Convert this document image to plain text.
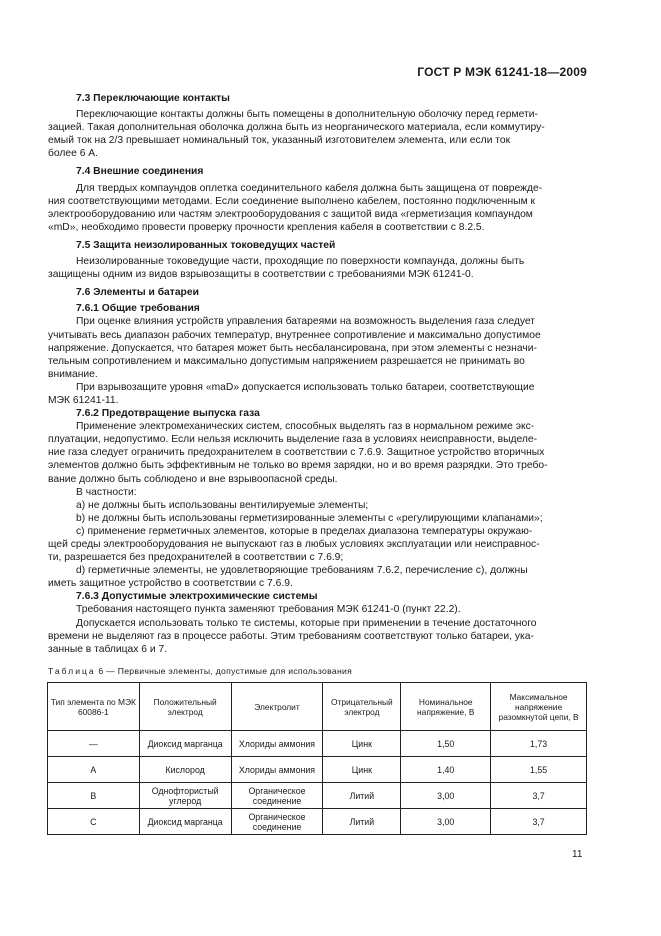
ГОСТ Р МЭК 61241-18—2009
7.3 Переключающие контакты
Переключающие контакты должны быть помещены в дополнительную оболочку перед гермети-
зацией. Такая дополнительная оболочка должна быть из неорганического материала, если коммутиру-
емый ток на 2/3 превышает номинальный ток, указанный изготовителем элемента, или если ток
более 6 А.
7.4 Внешние соединения
Для твердых компаундов оплетка соединительного кабеля должна быть защищена от поврежде-
ния соответствующими методами. Если соединение выполнено кабелем, постоянно подключенным к
электрооборудованию или частям электрооборудования с защитой вида «герметизация компаундом
«mD», необходимо провести проверку прочности крепления кабеля в соответствии с 8.2.5.
7.5 Защита неизолированных токоведущих частей
Неизолированные токоведущие части, проходящие по поверхности компаунда, должны быть
защищены одним из видов взрывозащиты в соответствии с требованиями МЭК 61241-0.
7.6 Элементы и батареи
7.6.1 Общие требования
При оценке влияния устройств управления батареями на возможность выделения газа следует
учитывать весь диапазон рабочих температур, внутреннее сопротивление и максимально допустимое
напряжение. Допускается, что батарея может быть несбалансирована, при этом элементы с незначи-
тельным сопротивлением и максимально допустимым напряжением разрешается не принимать во
внимание.
При взрывозащите уровня «maD» допускается использовать только батареи, соответствующие
МЭК 61241-11.
7.6.2 Предотвращение выпуска газа
Применение электромеханических систем, способных выделять газ в нормальном режиме экс-
плуатации, недопустимо. Если нельзя исключить выделение газа в условиях неисправности, выделе-
ние газа следует ограничить предохранителем в соответствии с 7.6.9. Защитное устройство вторичных
элементов должно быть эффективным не только во время зарядки, но и во время разрядки. Это требо-
вание должно быть соблюдено и вне взрывоопасной среды.
В частности:
a) не должны быть использованы вентилируемые элементы;
b) не должны быть использованы герметизированные элементы с «регулирующими клапанами»;
c) применение герметичных элементов, которые в пределах диапазона температуры окружаю-
щей среды электрооборудования не выпускают газ в любых условиях эксплуатации или неисправнос-
ти, разрешается без предохранителей в соответствии с 7.6.9;
d) герметичные элементы, не удовлетворяющие требованиям 7.6.2, перечисление c), должны
иметь защитное устройство в соответствии с 7.6.9.
7.6.3 Допустимые электрохимические системы
Требования настоящего пункта заменяют требования МЭК 61241-0 (пункт 22.2).
Допускается использовать только те системы, которые при применении в течение достаточного
времени не выделяют газ в процессе работы. Этим требованиям соответствуют только батареи, ука-
занные в таблицах 6 и 7.
Таблица 6 — Первичные элементы, допустимые для использования
Тип элемента по МЭК 60086-1	Положительный электрод	Электролит	Отрицательный электрод	Номинальное напряжение, В	Максимальное напряжение разомкнутой цепи, В
—	Диоксид марганца	Хлориды аммония	Цинк	1,50	1,73
A	Кислород	Хлориды аммония	Цинк	1,40	1,55
B	Однофтористый углерод	Органическое соединение	Литий	3,00	3,7
C	Диоксид марганца	Органическое соединение	Литий	3,00	3,7
11
